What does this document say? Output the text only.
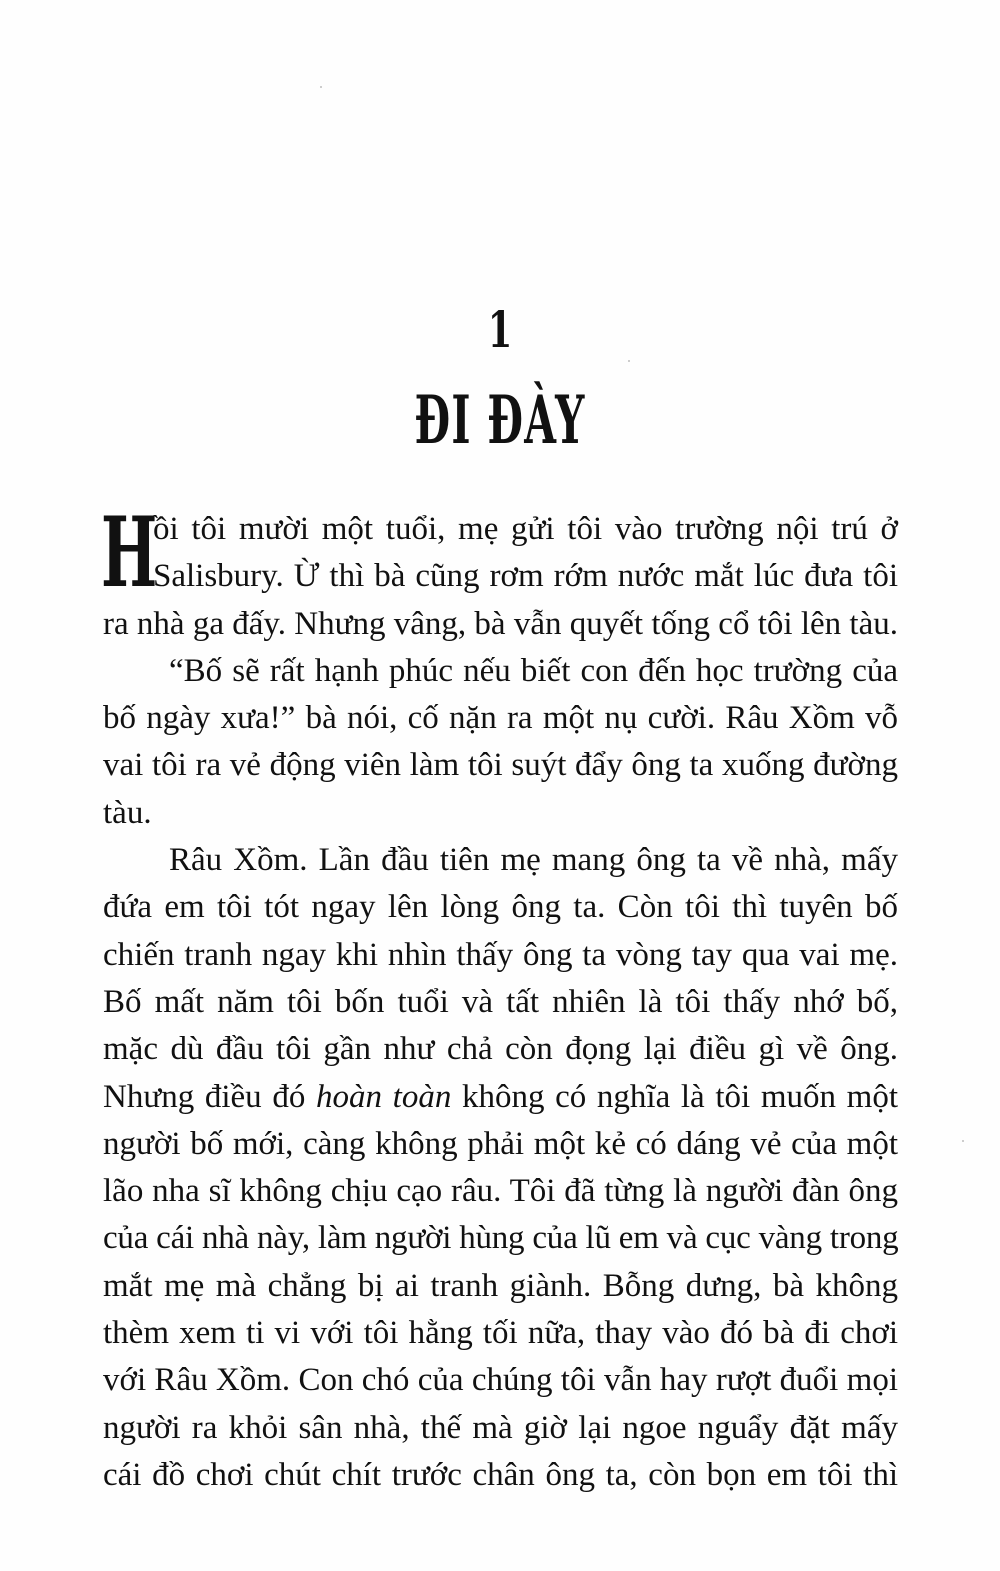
1
ĐI ĐÀY

H
ồi tôi mười một tuổi, mẹ gửi tôi vào trường nội trú ở
Salisbury. Ừ thì bà cũng rơm rớm nước mắt lúc đưa tôi
ra nhà ga đấy. Nhưng vâng, bà vẫn quyết tống cổ tôi lên tàu.

“Bố sẽ rất hạnh phúc nếu biết con đến học trường của
bố ngày xưa!” bà nói, cố nặn ra một nụ cười. Râu Xồm vỗ
vai tôi ra vẻ động viên làm tôi suýt đẩy ông ta xuống đường
tàu.

Râu Xồm. Lần đầu tiên mẹ mang ông ta về nhà, mấy
đứa em tôi tót ngay lên lòng ông ta. Còn tôi thì tuyên bố
chiến tranh ngay khi nhìn thấy ông ta vòng tay qua vai mẹ.
Bố mất năm tôi bốn tuổi và tất nhiên là tôi thấy nhớ bố,
mặc dù đầu tôi gần như chả còn đọng lại điều gì về ông.
Nhưng điều đó hoàn toàn không có nghĩa là tôi muốn một
người bố mới, càng không phải một kẻ có dáng vẻ của một
lão nha sĩ không chịu cạo râu. Tôi đã từng là người đàn ông
của cái nhà này, làm người hùng của lũ em và cục vàng trong
mắt mẹ mà chẳng bị ai tranh giành. Bỗng dưng, bà không
thèm xem ti vi với tôi hằng tối nữa, thay vào đó bà đi chơi
với Râu Xồm. Con chó của chúng tôi vẫn hay rượt đuổi mọi
người ra khỏi sân nhà, thế mà giờ lại ngoe nguẩy đặt mấy
cái đồ chơi chút chít trước chân ông ta, còn bọn em tôi thì
